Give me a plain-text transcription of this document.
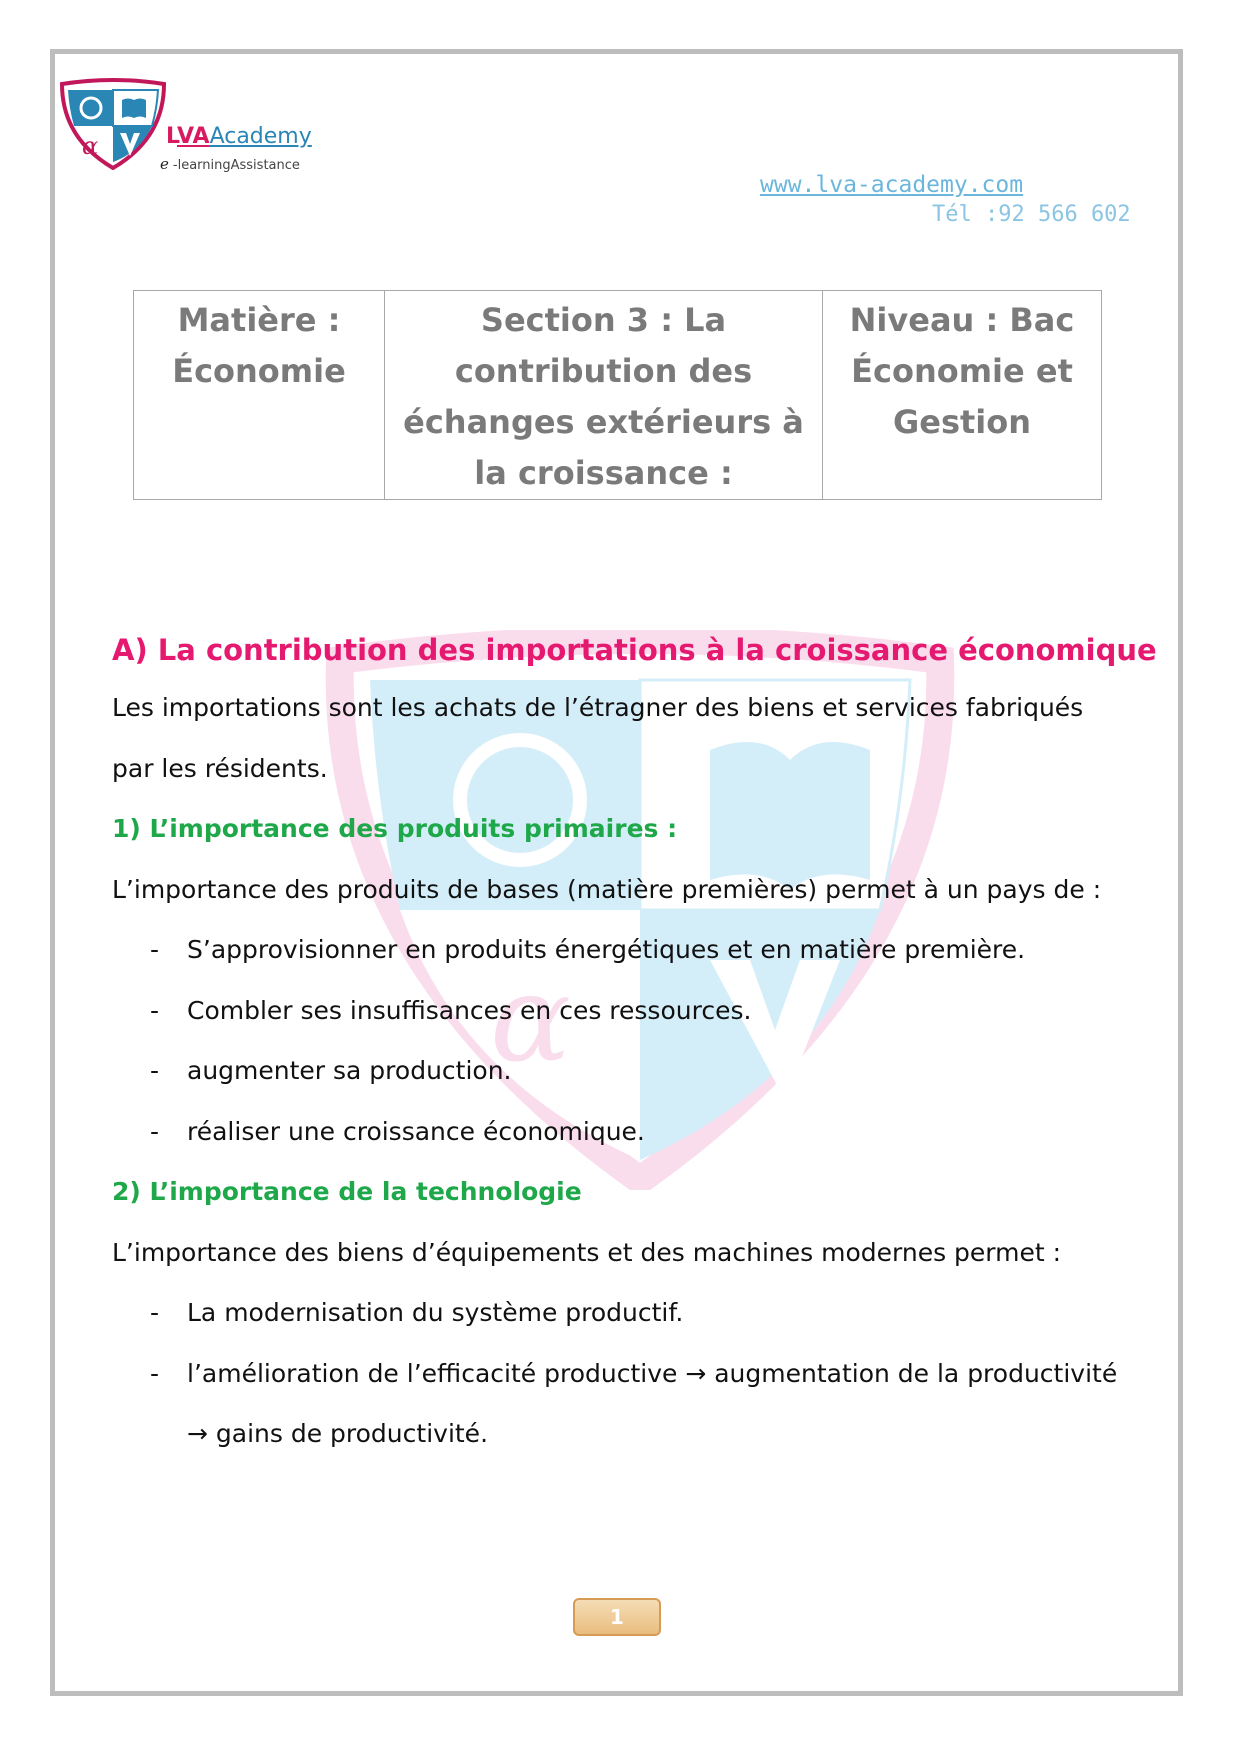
α
α	LVAAcademy
e -learningAssistance
www.lva-academy.com
Tél :92 566 602
Matière : Économie	Section 3 : La contribution des échanges extérieurs à la croissance :	Niveau : Bac Économie et Gestion
A) La contribution des importations à la croissance économique
Les importations sont les achats de l’étragner des biens et services fabriqués par les résidents.
1) L’importance des produits primaires :
L’importance des produits de bases (matière premières) permet à un pays de :
- S’approvisionner en produits énergétiques et en matière première.
- Combler ses insuffisances en ces ressources.
- augmenter sa production.
- réaliser une croissance économique.
2) L’importance de la technologie
L’importance des biens d’équipements et des machines modernes permet :
- La modernisation du système productif.
- l’amélioration de l’efficacité productive → augmentation de la productivité → gains de productivité.
1
